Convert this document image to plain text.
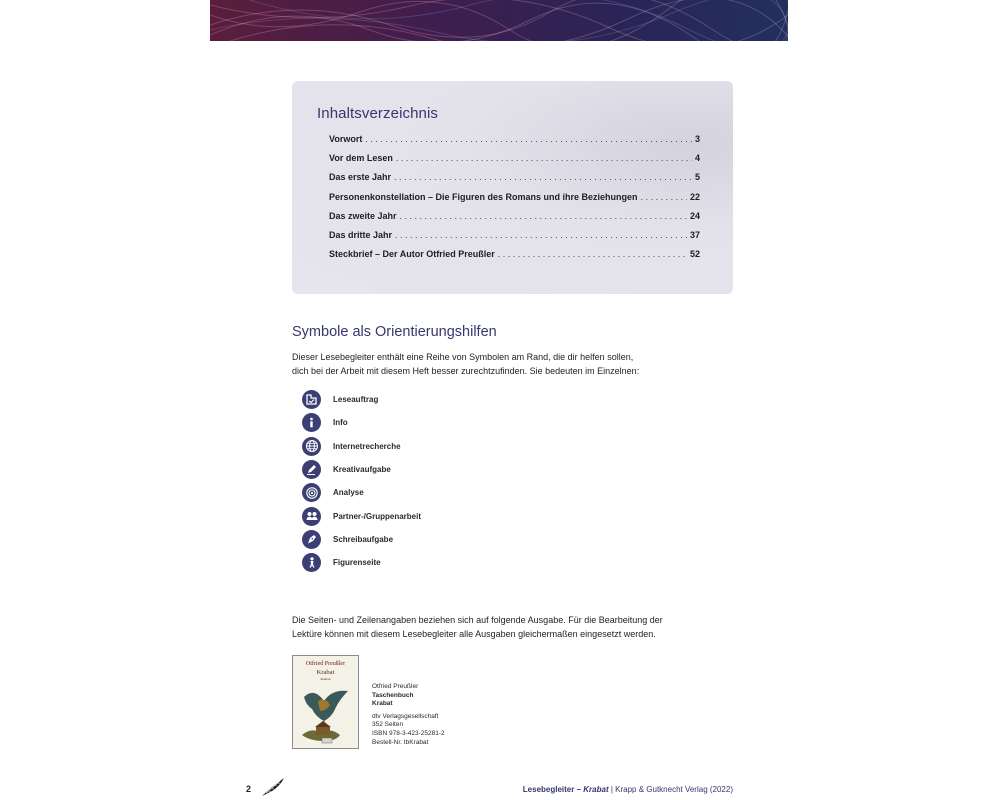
Inhaltsverzeichnis
Vorwort . . .	3
Vor dem Lesen . . .	4
Das erste Jahr . . .	5
Personenkonstellation – Die Figuren des Romans und ihre Beziehungen . . .	22
Das zweite Jahr . . .	24
Das dritte Jahr . . .	37
Steckbrief – Der Autor Otfried Preußler . . .	52
Symbole als Orientierungshilfen

Dieser Lesebegleiter enthält eine Reihe von Symbolen am Rand, die dir helfen sollen,
dich bei der Arbeit mit diesem Heft besser zurechtzufinden. Sie bedeuten im Einzelnen:

Leseauftrag
Info
Internetrecherche
Kreativaufgabe
Analyse
Partner-/Gruppenarbeit
Schreibaufgabe
Figurenseite

Die Seiten- und Zeilenangaben beziehen sich auf folgende Ausgabe. Für die Bearbeitung der
Lektüre können mit diesem Lesebegleiter alle Ausgaben gleichermaßen eingesetzt werden.

Otfried Preußler
Krabat
Roman

Otfried Preußler
Taschenbuch
Krabat
dtv Verlagsgesellschaft
352 Seiten
ISBN 978-3-423-25281-2
Bestell-Nr. tbKrabat

2	Lesebegleiter – Krabat | Krapp & Gutknecht Verlag (2022)
